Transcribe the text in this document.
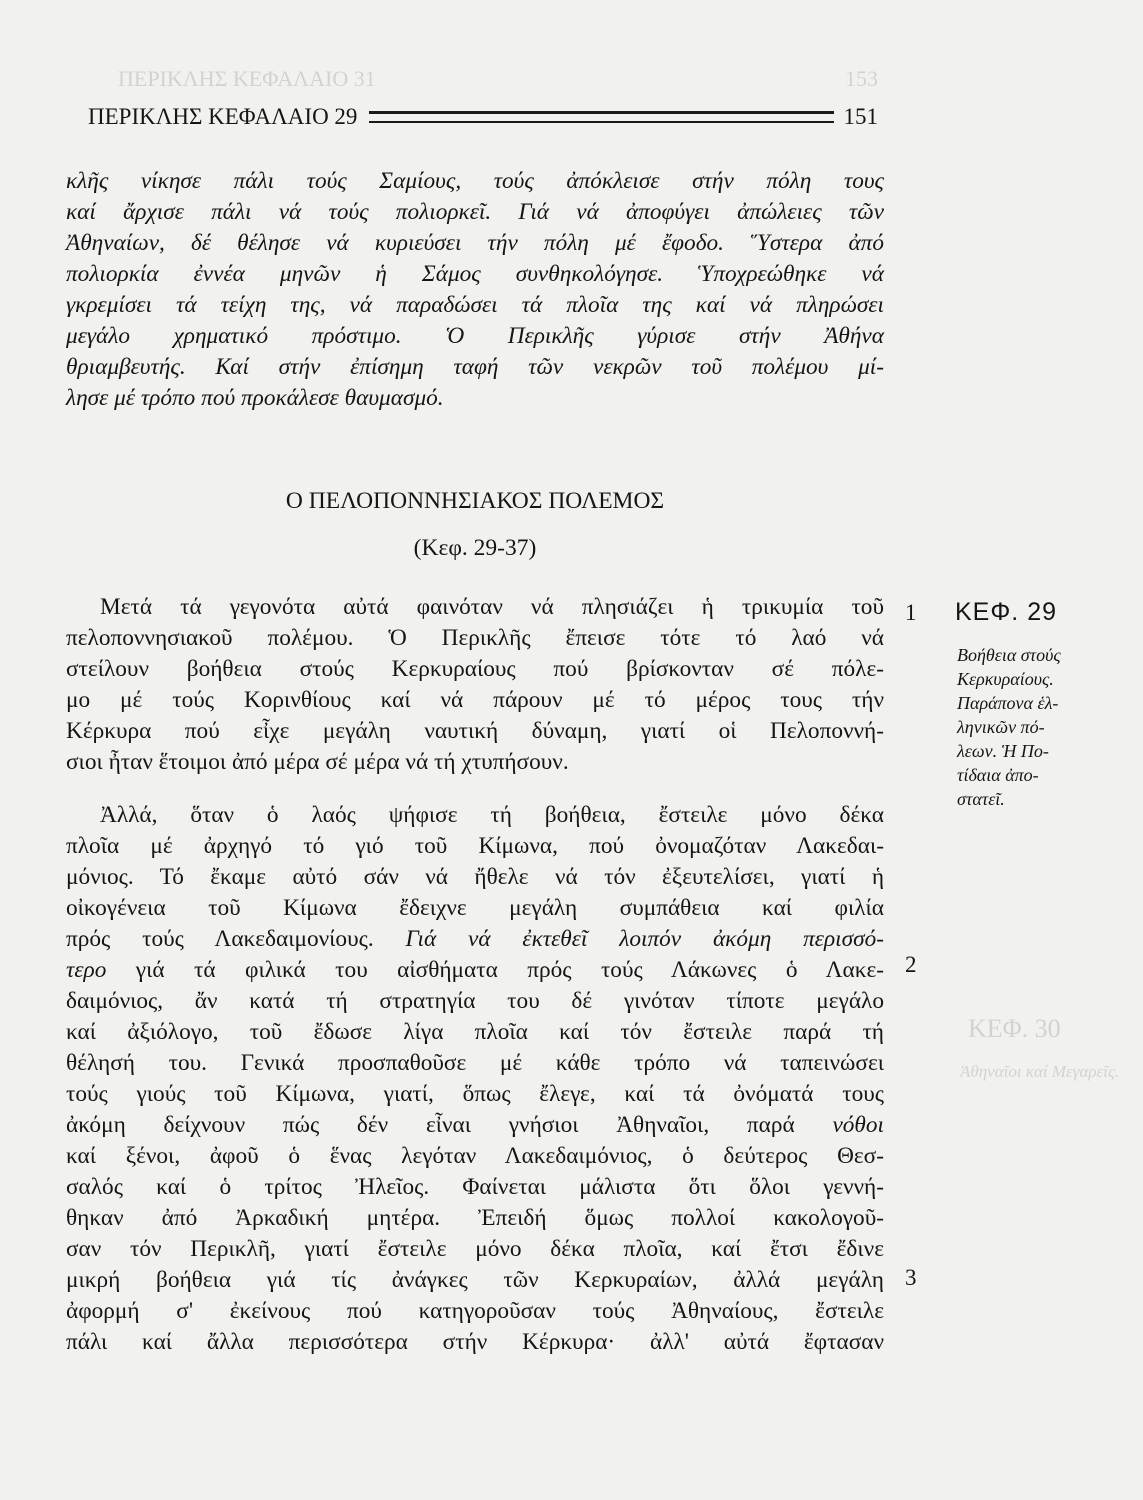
ΠΕΡΙΚΛΗΣ ΚΕΦΑΛΑΙΟ 31	153
ΚΕΦ. 30
Ἀθηναῖοι καί Μεγαρεῖς.
ΠΕΡΙΚΛΗΣ ΚΕΦΑΛΑΙΟ 29	151
κλῆς νίκησε πάλι τούς Σαμίους, τούς ἀπόκλεισε στήν πόλη τους
καί ἄρχισε πάλι νά τούς πολιορκεῖ. Γιά νά ἀποφύγει ἀπώλειες τῶν
Ἀθηναίων, δέ θέλησε νά κυριεύσει τήν πόλη μέ ἔφοδο. Ὕστερα ἀπό
πολιορκία ἐννέα μηνῶν ἡ Σάμος συνθηκολόγησε. Ὑποχρεώθηκε νά
γκρεμίσει τά τείχη της, νά παραδώσει τά πλοῖα της καί νά πληρώσει
μεγάλο χρηματικό πρόστιμο. Ὁ Περικλῆς γύρισε στήν Ἀθήνα
θριαμβευτής. Καί στήν ἐπίσημη ταφή τῶν νεκρῶν τοῦ πολέμου μί-
λησε μέ τρόπο πού προκάλεσε θαυμασμό.
Ο ΠΕΛΟΠΟΝΝΗΣΙΑΚΟΣ ΠΟΛΕΜΟΣ
(Κεφ. 29-37)
Μετά τά γεγονότα αὐτά φαινόταν νά πλησιάζει ἡ τρικυμία τοῦ
πελοποννησιακοῦ πολέμου. Ὁ Περικλῆς ἔπεισε τότε τό λαό νά
στείλουν βοήθεια στούς Κερκυραίους πού βρίσκονταν σέ πόλε-
μο μέ τούς Κορινθίους καί νά πάρουν μέ τό μέρος τους τήν
Κέρκυρα πού εἶχε μεγάλη ναυτική δύναμη, γιατί οἱ Πελοποννή-
σιοι ἦταν ἕτοιμοι ἀπό μέρα σέ μέρα νά τή χτυπήσουν.
Ἀλλά, ὅταν ὁ λαός ψήφισε τή βοήθεια, ἔστειλε μόνο δέκα
πλοῖα μέ ἀρχηγό τό γιό τοῦ Κίμωνα, πού ὀνομαζόταν Λακεδαι-
μόνιος. Τό ἔκαμε αὐτό σάν νά ἤθελε νά τόν ἐξευτελίσει, γιατί ἡ
οἰκογένεια τοῦ Κίμωνα ἔδειχνε μεγάλη συμπάθεια καί φιλία
πρός τούς Λακεδαιμονίους. Γιά νά ἐκτεθεῖ λοιπόν ἀκόμη περισσό-
τερο γιά τά φιλικά του αἰσθήματα πρός τούς Λάκωνες ὁ Λακε-
δαιμόνιος, ἄν κατά τή στρατηγία του δέ γινόταν τίποτε μεγάλο
καί ἀξιόλογο, τοῦ ἔδωσε λίγα πλοῖα καί τόν ἔστειλε παρά τή
θέλησή του. Γενικά προσπαθοῦσε μέ κάθε τρόπο νά ταπεινώσει
τούς γιούς τοῦ Κίμωνα, γιατί, ὅπως ἔλεγε, καί τά ὀνόματά τους
ἀκόμη δείχνουν πώς δέν εἶναι γνήσιοι Ἀθηναῖοι, παρά νόθοι
καί ξένοι, ἀφοῦ ὁ ἕνας λεγόταν Λακεδαιμόνιος, ὁ δεύτερος Θεσ-
σαλός καί ὁ τρίτος Ἠλεῖος. Φαίνεται μάλιστα ὅτι ὅλοι γεννή-
θηκαν ἀπό Ἀρκαδική μητέρα. Ἐπειδή ὅμως πολλοί κακολογοῦ-
σαν τόν Περικλῆ, γιατί ἔστειλε μόνο δέκα πλοῖα, καί ἔτσι ἔδινε
μικρή βοήθεια γιά τίς ἀνάγκες τῶν Κερκυραίων, ἀλλά μεγάλη
ἀφορμή σ' ἐκείνους πού κατηγοροῦσαν τούς Ἀθηναίους, ἔστειλε
πάλι καί ἄλλα περισσότερα στήν Κέρκυρα· ἀλλ' αὐτά ἔφτασαν
1
2
3
ΚΕΦ. 29
Βοήθεια στούς
Κερκυραίους.
Παράπονα ἑλ-
ληνικῶν πό-
λεων. Ἡ Πο-
τίδαια ἀπο-
στατεῖ.
